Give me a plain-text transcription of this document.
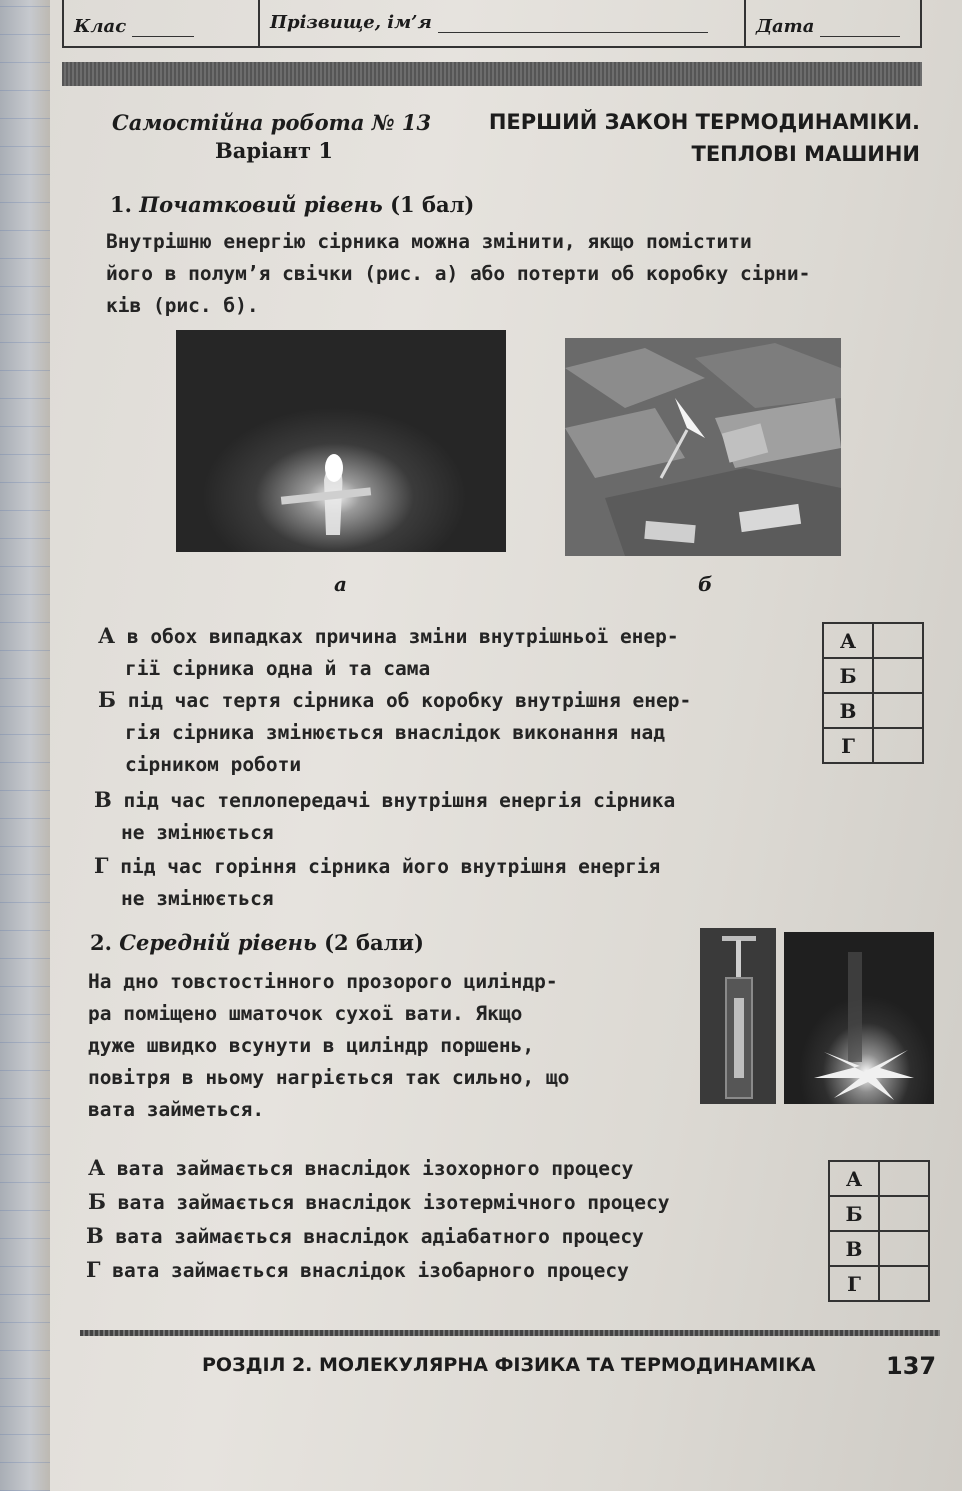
Клас	Прізвище, ім’я	Дата
Самостійна робота № 13	ПЕРШИЙ ЗАКОН ТЕРМОДИНАМІКИ.
Варіант 1	ТЕПЛОВІ МАШИНИ
1. Початковий рівень (1 бал)
Внутрішню енергію сірника можна змінити, якщо помістити
його в полум’я свічки (рис. а) або потерти об коробку сірни-
ків (рис. б).
а	б
А в обох випадках причина зміни внутрішньої енер-
гії сірника одна й та сама
Б під час тертя сірника об коробку внутрішня енер-
гія сірника змінюється внаслідок виконання над
сірником роботи
В під час теплопередачі внутрішня енергія сірника
не змінюється
Г під час горіння сірника його внутрішня енергія
не змінюється
А	
Б	
В	
Г	
2. Середній рівень (2 бали)
На дно товстостінного прозорого циліндр-
ра поміщено шматочок сухої вати. Якщо
дуже швидко всунути в циліндр поршень,
повітря в ньому нагріється так сильно, що
вата займеться.
А вата займається внаслідок ізохорного процесу
Б вата займається внаслідок ізотермічного процесу
В вата займається внаслідок адіабатного процесу
Г вата займається внаслідок ізобарного процесу
А	
Б	
В	
Г	
РОЗДІЛ 2. МОЛЕКУЛЯРНА ФІЗИКА ТА ТЕРМОДИНАМІКА	137
